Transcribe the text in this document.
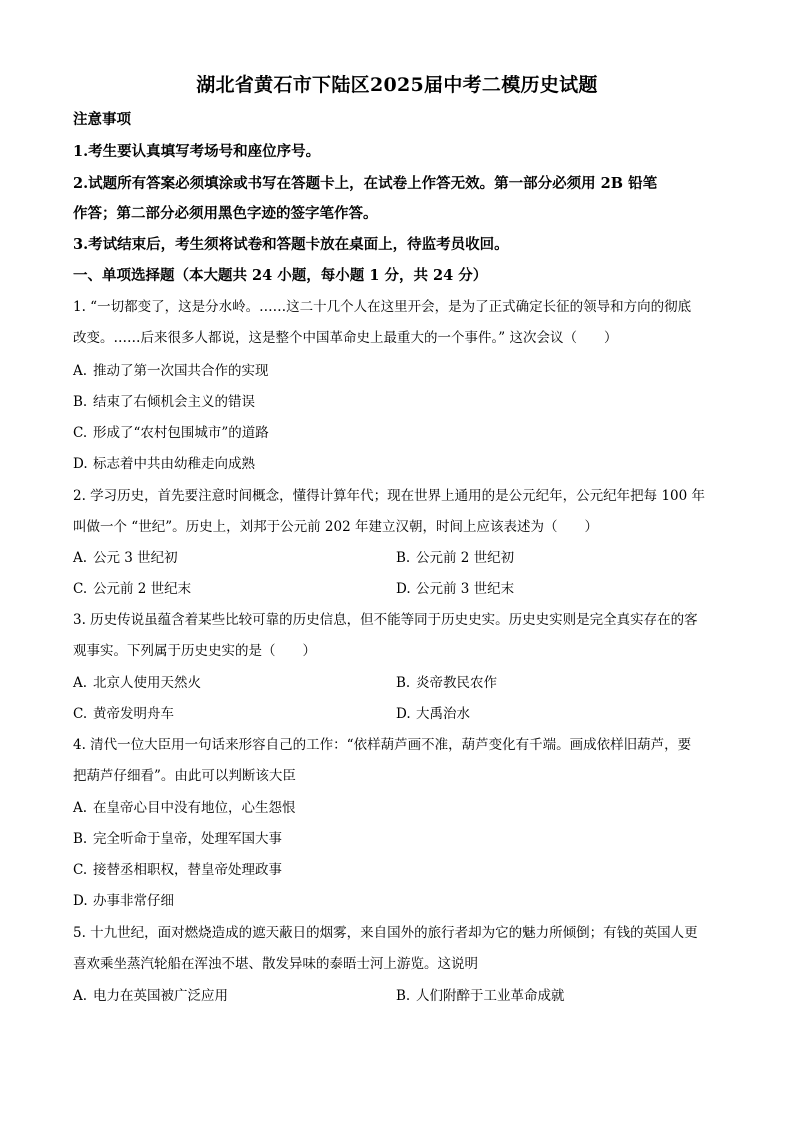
湖北省黄石市下陆区2025届中考二模历史试题
注意事项
1.考生要认真填写考场号和座位序号。
2.试题所有答案必须填涂或书写在答题卡上，在试卷上作答无效。第一部分必须用 2B 铅笔
作答；第二部分必须用黑色字迹的签字笔作答。
3.考试结束后，考生须将试卷和答题卡放在桌面上，待监考员收回。
一、单项选择题（本大题共 24 小题，每小题 1 分，共 24 分）
1. “一切都变了，这是分水岭。……这二十几个人在这里开会，是为了正式确定长征的领导和方向的彻底
改变。……后来很多人都说，这是整个中国革命史上最重大的一个事件。” 这次会议（　　）
A. 推动了第一次国共合作的实现
B. 结束了右倾机会主义的错误
C. 形成了“农村包围城市”的道路
D. 标志着中共由幼稚走向成熟
2. 学习历史，首先要注意时间概念，懂得计算年代；现在世界上通用的是公元纪年，公元纪年把每 100 年
叫做一个 “世纪”。历史上，刘邦于公元前 202 年建立汉朝，时间上应该表述为（　　）
A. 公元 3 世纪初	B. 公元前 2 世纪初
C. 公元前 2 世纪末	D. 公元前 3 世纪末
3. 历史传说虽蕴含着某些比较可靠的历史信息，但不能等同于历史史实。历史史实则是完全真实存在的客
观事实。下列属于历史史实的是（　　）
A. 北京人使用天然火	B. 炎帝教民农作
C. 黄帝发明舟车	D. 大禹治水
4. 清代一位大臣用一句话来形容自己的工作：“依样葫芦画不准，葫芦变化有千端。画成依样旧葫芦，要
把葫芦仔细看”。由此可以判断该大臣
A. 在皇帝心目中没有地位，心生怨恨
B. 完全听命于皇帝，处理军国大事
C. 接替丞相职权，替皇帝处理政事
D. 办事非常仔细
5. 十九世纪，面对燃烧造成的遮天蔽日的烟雾，来自国外的旅行者却为它的魅力所倾倒；有钱的英国人更
喜欢乘坐蒸汽轮船在浑浊不堪、散发异味的泰晤士河上游览。这说明
A. 电力在英国被广泛应用	B. 人们附醉于工业革命成就
